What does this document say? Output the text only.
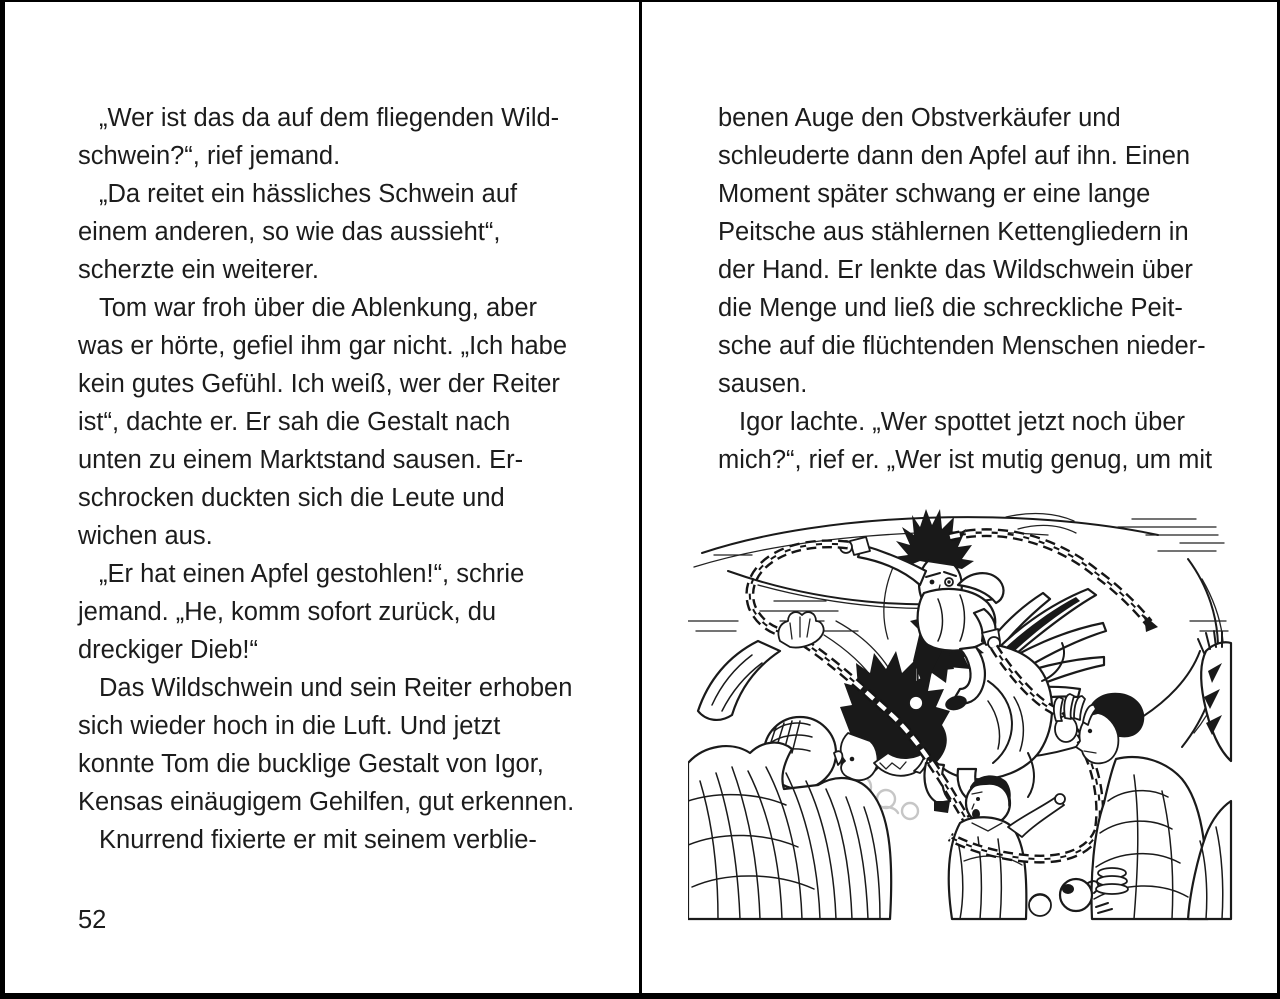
„Wer ist das da auf dem fliegenden Wild-
schwein?“, rief jemand.
„Da reitet ein hässliches Schwein auf
einem anderen, so wie das aussieht“,
scherzte ein weiterer.
Tom war froh über die Ablenkung, aber
was er hörte, gefiel ihm gar nicht. „Ich habe
kein gutes Gefühl. Ich weiß, wer der Reiter
ist“, dachte er. Er sah die Gestalt nach
unten zu einem Marktstand sausen. Er-
schrocken duckten sich die Leute und
wichen aus.
„Er hat einen Apfel gestohlen!“, schrie
jemand. „He, komm sofort zurück, du
dreckiger Dieb!“
Das Wildschwein und sein Reiter erhoben
sich wieder hoch in die Luft. Und jetzt
konnte Tom die bucklige Gestalt von Igor,
Kensas einäugigem Gehilfen, gut erkennen.
Knurrend fixierte er mit seinem verblie-
52
benen Auge den Obstverkäufer und
schleuderte dann den Apfel auf ihn. Einen
Moment später schwang er eine lange
Peitsche aus stählernen Kettengliedern in
der Hand. Er lenkte das Wildschwein über
die Menge und ließ die schreckliche Peit-
sche auf die flüchtenden Menschen nieder-
sausen.
Igor lachte. „Wer spottet jetzt noch über
mich?“, rief er. „Wer ist mutig genug, um mit
